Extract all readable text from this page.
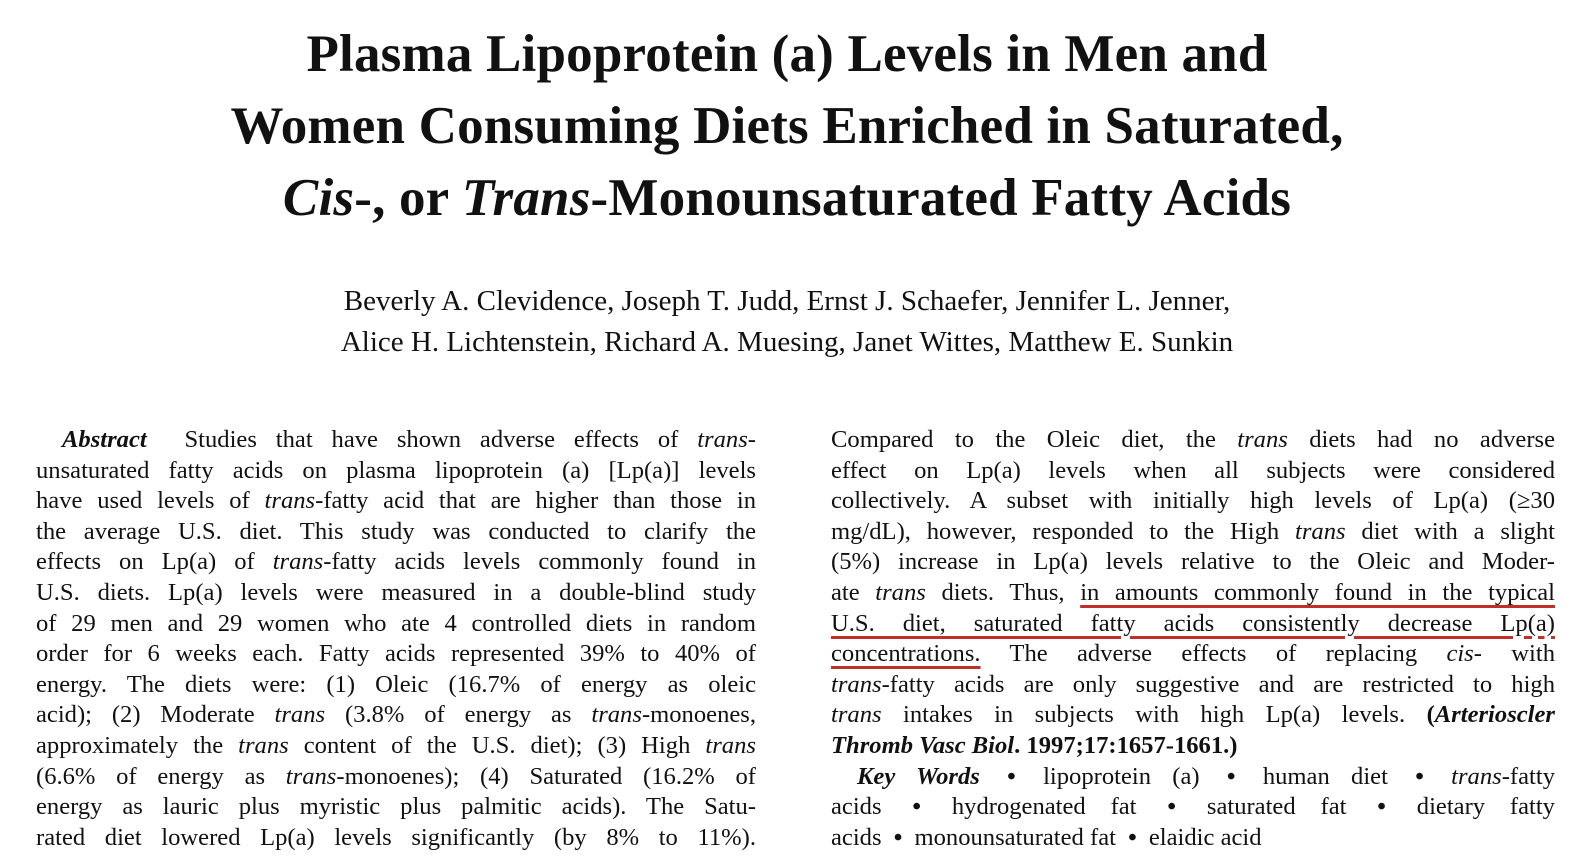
Plasma Lipoprotein (a) Levels in Men and
Women Consuming Diets Enriched in Saturated,
Cis-, or Trans-Monounsaturated Fatty Acids
Beverly A. Clevidence, Joseph T. Judd, Ernst J. Schaefer, Jennifer L. Jenner,
Alice H. Lichtenstein, Richard A. Muesing, Janet Wittes, Matthew E. Sunkin
Abstract  Studies that have shown adverse effects of trans-
unsaturated fatty acids on plasma lipoprotein (a) [Lp(a)] levels
have used levels of trans-fatty acid that are higher than those in
the average U.S. diet. This study was conducted to clarify the
effects on Lp(a) of trans-fatty acids levels commonly found in
U.S. diets. Lp(a) levels were measured in a double-blind study
of 29 men and 29 women who ate 4 controlled diets in random
order for 6 weeks each. Fatty acids represented 39% to 40% of
energy. The diets were: (1) Oleic (16.7% of energy as oleic
acid); (2) Moderate trans (3.8% of energy as trans-monoenes,
approximately the trans content of the U.S. diet); (3) High trans
(6.6% of energy as trans-monoenes); (4) Saturated (16.2% of
energy as lauric plus myristic plus palmitic acids). The Satu-
rated diet lowered Lp(a) levels significantly (by 8% to 11%).
Compared to the Oleic diet, the trans diets had no adverse
effect on Lp(a) levels when all subjects were considered
collectively. A subset with initially high levels of Lp(a) (≥30
mg/dL), however, responded to the High trans diet with a slight
(5%) increase in Lp(a) levels relative to the Oleic and Moder-
ate trans diets. Thus, in amounts commonly found in the typical
U.S. diet, saturated fatty acids consistently decrease Lp(a)
concentrations. The adverse effects of replacing cis- with
trans-fatty acids are only suggestive and are restricted to high
trans intakes in subjects with high Lp(a) levels. (Arterioscler
Thromb Vasc Biol. 1997;17:1657-1661.)
Key Words • lipoprotein (a) • human diet • trans-fatty
acids • hydrogenated fat • saturated fat • dietary fatty
acids • monounsaturated fat • elaidic acid
